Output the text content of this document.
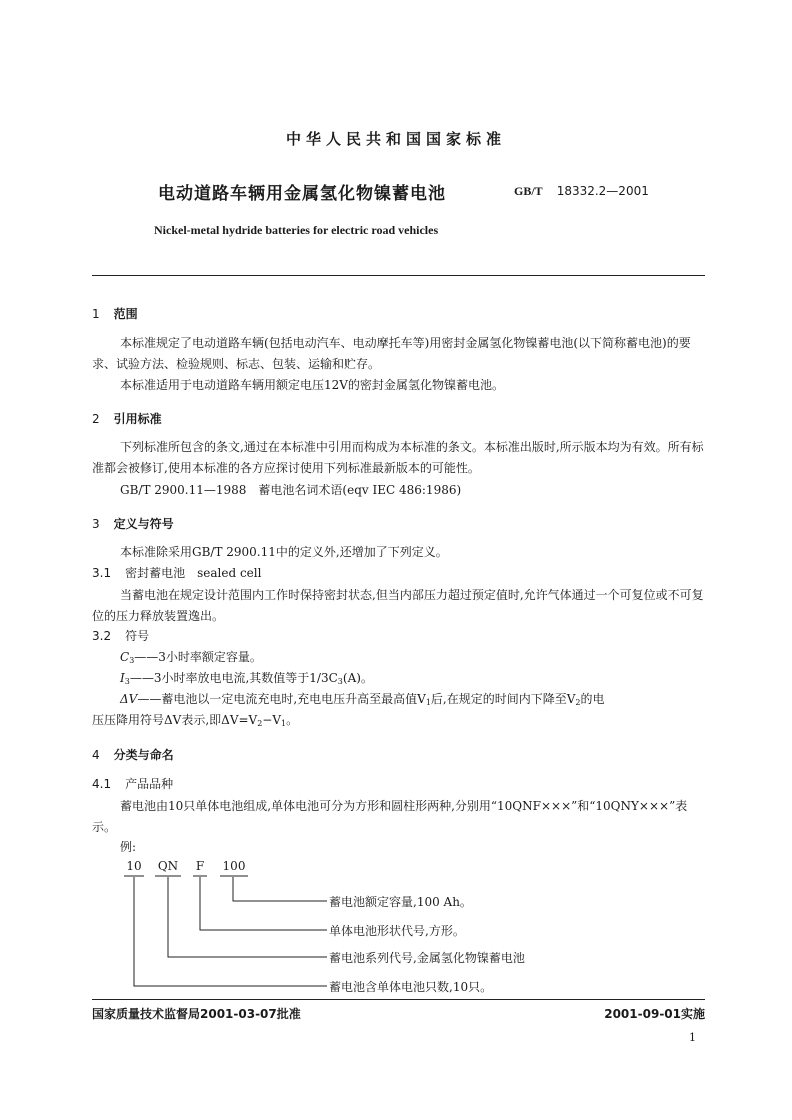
中华人民共和国国家标准
电动道路车辆用金属氢化物镍蓄电池	GB/T 18332.2—2001
Nickel-metal hydride batteries for electric road vehicles
1 范围
本标准规定了电动道路车辆(包括电动汽车、电动摩托车等)用密封金属氢化物镍蓄电池(以下简称蓄电池)的要求、试验方法、检验规则、标志、包装、运输和贮存。
本标准适用于电动道路车辆用额定电压12V的密封金属氢化物镍蓄电池。
2 引用标准
下列标准所包含的条文,通过在本标准中引用而构成为本标准的条文。本标准出版时,所示版本均为有效。所有标准都会被修订,使用本标准的各方应探讨使用下列标准最新版本的可能性。
GB/T 2900.11—1988　蓄电池名词术语(eqv IEC 486:1986)
3 定义与符号
本标准除采用GB/T 2900.11中的定义外,还增加了下列定义。
3.1 密封蓄电池　sealed cell
当蓄电池在规定设计范围内工作时保持密封状态,但当内部压力超过预定值时,允许气体通过一个可复位或不可复位的压力释放装置逸出。
3.2 符号
$C_3——3$小时率额定容量。
$I_3——3$小时率放电电流,其数值等于$1/3C_3(A)$。
ΔV——蓄电池以一定电流充电时,充电电压升高至最高值$V_1$后,在规定的时间内下降至$V_2$的电
压压降用符号ΔV表示,即$\Delta V=V_2-V_1$。
4 分类与命名
4.1 产品品种
蓄电池由10只单体电池组成,单体电池可分为方形和圆柱形两种,分别用“10QNF×××”和“10QNY×××”表示。
例:
10 QN F 100
蓄电池额定容量,100 Ah。
单体电池形状代号,方形。
蓄电池系列代号,金属氢化物镍蓄电池
蓄电池含单体电池只数,10只。
国家质量技术监督局2001-03-07批准	2001-09-01实施
1
